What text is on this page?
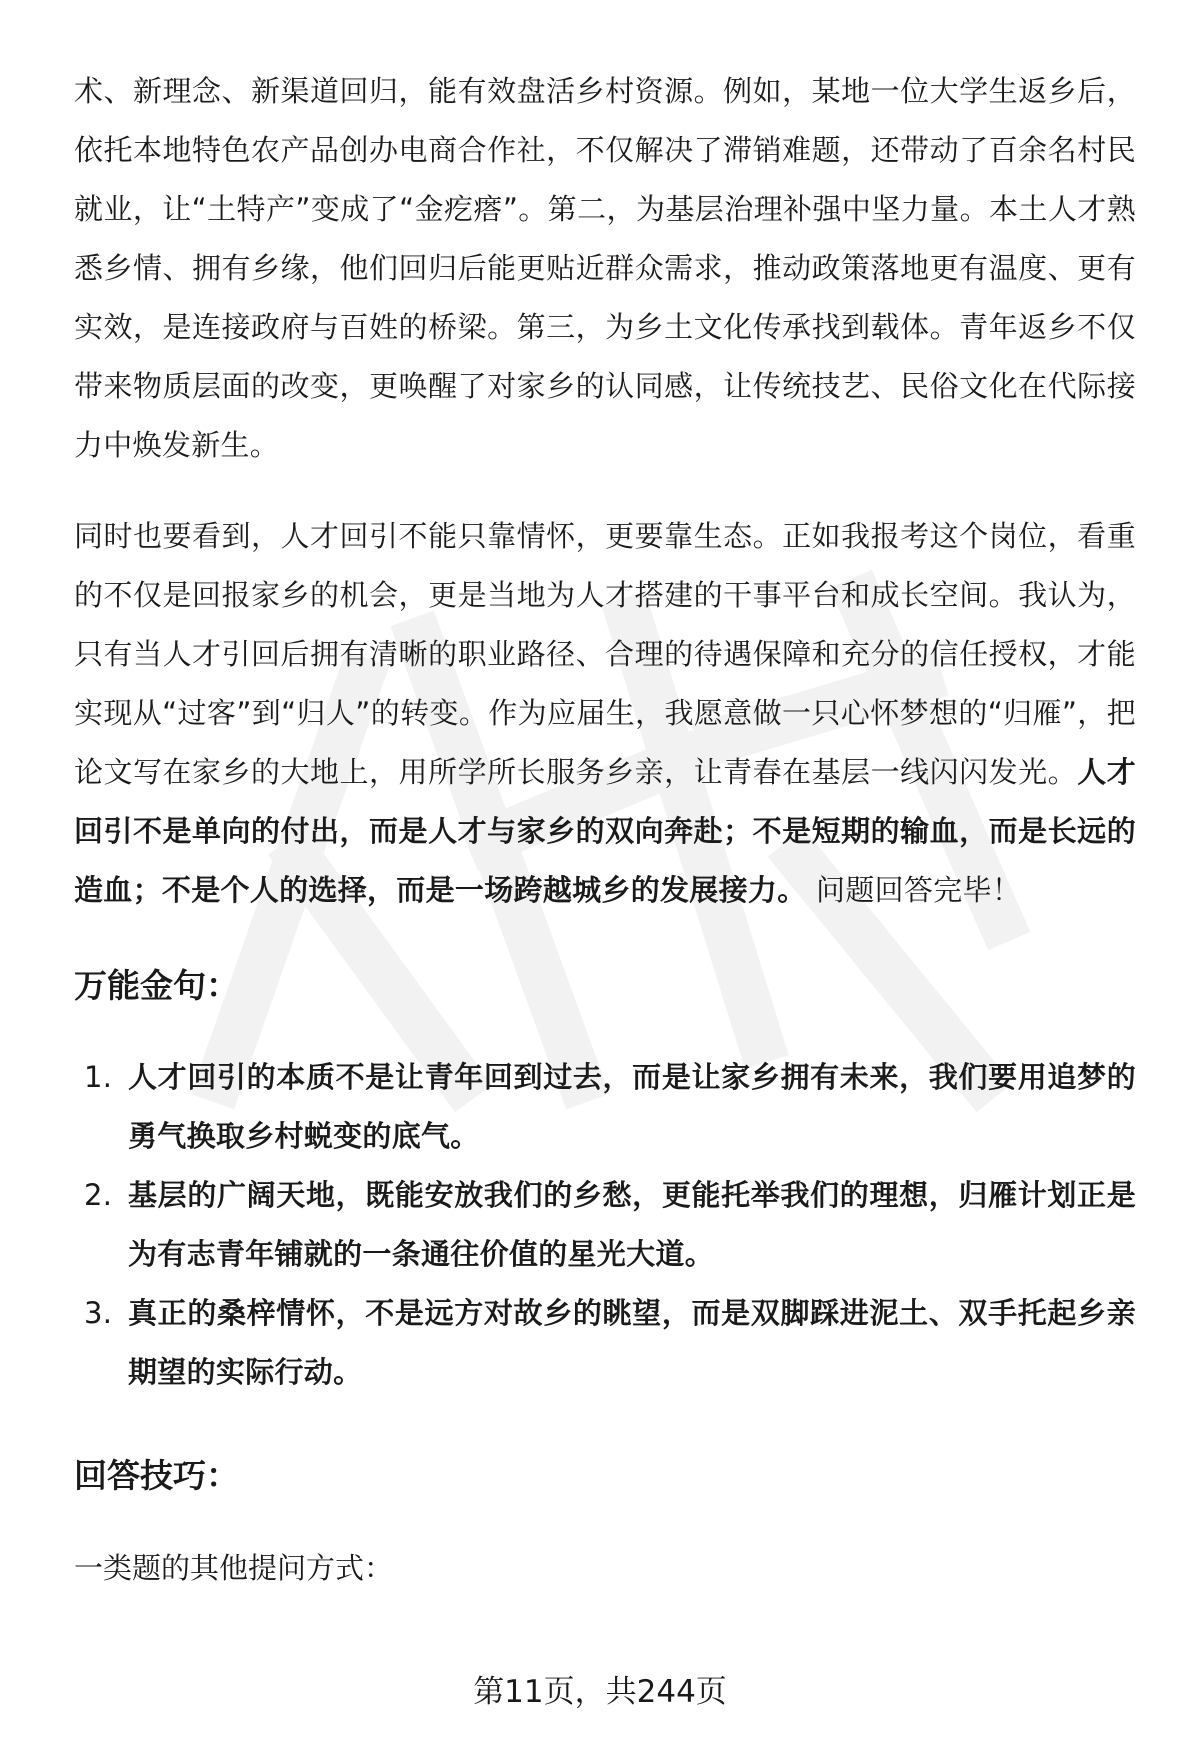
术、新理念、新渠道回归，能有效盘活乡村资源。例如，某地一位大学生返乡后，依托本地特色农产品创办电商合作社，不仅解决了滞销难题，还带动了百余名村民就业，让“土特产”变成了“金疙瘩”。第二，为基层治理补强中坚力量。本土人才熟悉乡情、拥有乡缘，他们回归后能更贴近群众需求，推动政策落地更有温度、更有实效，是连接政府与百姓的桥梁。第三，为乡土文化传承找到载体。青年返乡不仅带来物质层面的改变，更唤醒了对家乡的认同感，让传统技艺、民俗文化在代际接力中焕发新生。

同时也要看到，人才回引不能只靠情怀，更要靠生态。正如我报考这个岗位，看重的不仅是回报家乡的机会，更是当地为人才搭建的干事平台和成长空间。我认为，只有当人才引回后拥有清晰的职业路径、合理的待遇保障和充分的信任授权，才能实现从“过客”到“归人”的转变。作为应届生，我愿意做一只心怀梦想的“归雁”，把论文写在家乡的大地上，用所学所长服务乡亲，让青春在基层一线闪闪发光。人才回引不是单向的付出，而是人才与家乡的双向奔赴；不是短期的输血，而是长远的造血；不是个人的选择，而是一场跨越城乡的发展接力。 问题回答完毕！

万能金句：
1. 人才回引的本质不是让青年回到过去，而是让家乡拥有未来，我们要用追梦的勇气换取乡村蜕变的底气。
2. 基层的广阔天地，既能安放我们的乡愁，更能托举我们的理想，归雁计划正是为有志青年铺就的一条通往价值的星光大道。
3. 真正的桑梓情怀，不是远方对故乡的眺望，而是双脚踩进泥土、双手托起乡亲期望的实际行动。
回答技巧：

一类题的其他提问方式：

第11页，共244页
